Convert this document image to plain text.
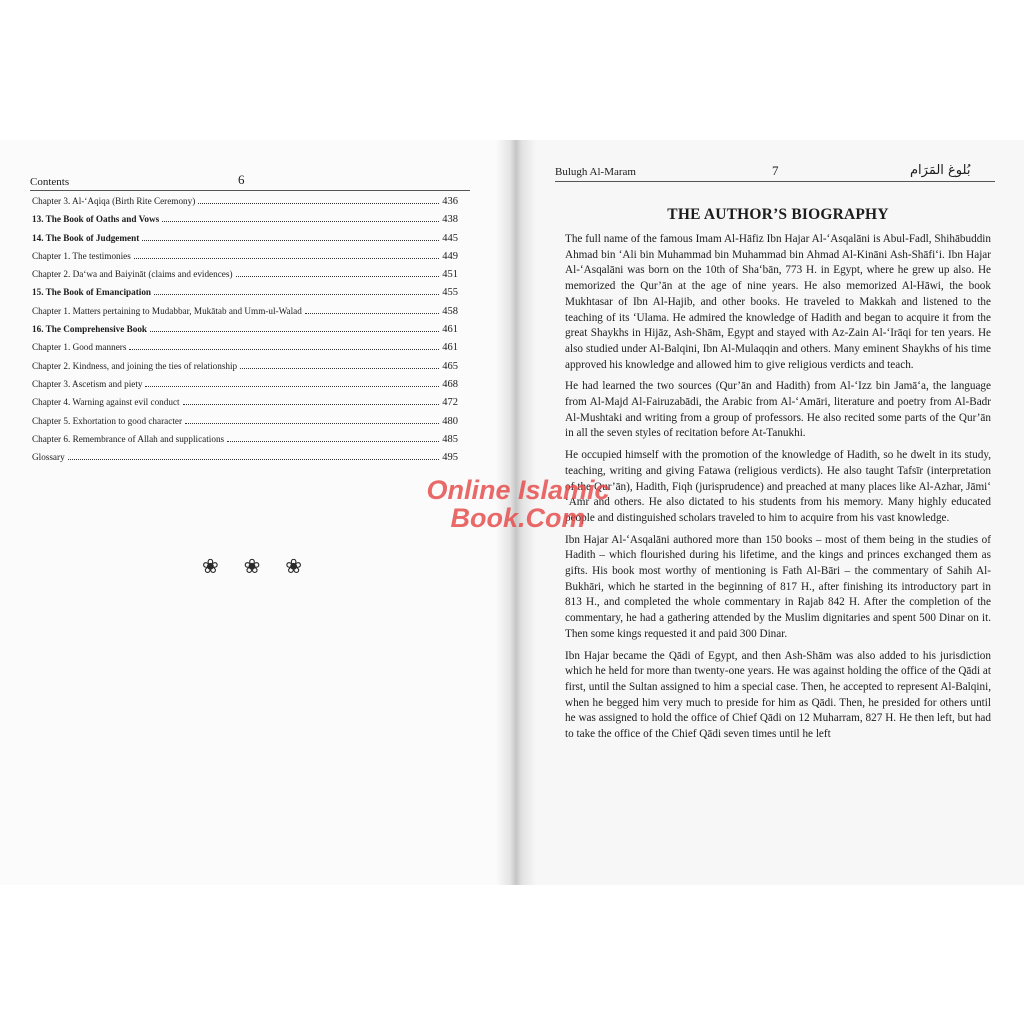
Contents	6
Chapter 3. Al-‘Aqiqa (Birth Rite Ceremony)	436
13. The Book of Oaths and Vows	438
14. The Book of Judgement	445
Chapter 1. The testimonies	449
Chapter 2. Da‘wa and Baiyināt (claims and evidences)	451
15. The Book of Emancipation	455
Chapter 1. Matters pertaining to Mudabbar, Mukātab and Umm-ul-Walad	458
16. The Comprehensive Book	461
Chapter 1. Good manners	461
Chapter 2. Kindness, and joining the ties of relationship	465
Chapter 3. Ascetism and piety	468
Chapter 4. Warning against evil conduct	472
Chapter 5. Exhortation to good character	480
Chapter 6. Remembrance of Allah and supplications	485
Glossary	495
❀ ❀ ❀
Bulugh Al-Maram	7	بُلوغ المَرَام
THE AUTHOR’S BIOGRAPHY

The full name of the famous Imam Al-Hāfiz Ibn Hajar Al-‘Asqalāni is Abul-Fadl, Shihābuddin Ahmad bin ‘Ali bin Muhammad bin Muhammad bin Ahmad Al-Kināni Ash-Shāfi‘i. Ibn Hajar Al-‘Asqalāni was born on the 10th of Sha‘bān, 773 H. in Egypt, where he grew up also. He memorized the Qur’ān at the age of nine years. He also memorized Al-Hāwi, the book Mukhtasar of Ibn Al-Hajib, and other books. He traveled to Makkah and listened to the teaching of its ‘Ulama. He admired the knowledge of Hadith and began to acquire it from the great Shaykhs in Hijāz, Ash-Shām, Egypt and stayed with Az-Zain Al-‘Irāqi for ten years. He also studied under Al-Balqini, Ibn Al-Mulaqqin and others. Many eminent Shaykhs of his time approved his knowledge and allowed him to give religious verdicts and teach.

He had learned the two sources (Qur’ān and Hadith) from Al-‘Izz bin Jamā‘a, the language from Al-Majd Al-Fairuzabādi, the Arabic from Al-‘Amāri, literature and poetry from Al-Badr Al-Mushtaki and writing from a group of professors. He also recited some parts of the Qur’ān in all the seven styles of recitation before At-Tanukhi.

He occupied himself with the promotion of the knowledge of Hadith, so he dwelt in its study, teaching, writing and giving Fatawa (religious verdicts). He also taught Tafsīr (interpretation of the Qur’ān), Hadith, Fiqh (jurisprudence) and preached at many places like Al-Azhar, Jāmi‘ ‘Amr and others. He also dictated to his students from his memory. Many highly educated people and distinguished scholars traveled to him to acquire from his vast knowledge.

Ibn Hajar Al-‘Asqalāni authored more than 150 books – most of them being in the studies of Hadith – which flourished during his lifetime, and the kings and princes exchanged them as gifts. His book most worthy of mentioning is Fath Al-Bāri – the commentary of Sahih Al-Bukhāri, which he started in the beginning of 817 H., after finishing its introductory part in 813 H., and completed the whole commentary in Rajab 842 H. After the completion of the commentary, he had a gathering attended by the Muslim dignitaries and spent 500 Dinar on it. Then some kings requested it and paid 300 Dinar.

Ibn Hajar became the Qādi of Egypt, and then Ash-Shām was also added to his jurisdiction which he held for more than twenty-one years. He was against holding the office of the Qādi at first, until the Sultan assigned to him a special case. Then, he accepted to represent Al-Balqini, when he begged him very much to preside for him as Qādi. Then, he presided for others until he was assigned to hold the office of Chief Qādi on 12 Muharram, 827 H. He then left, but had to take the office of the Chief Qādi seven times until he left

Online Islamic
Book.Com
